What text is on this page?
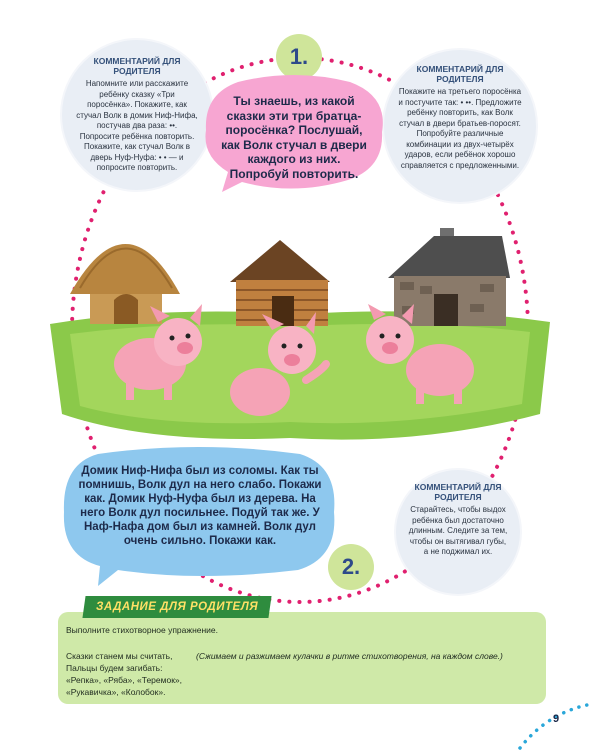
КОММЕНТАРИЙ ДЛЯ РОДИТЕЛЯ
Напомните или расскажите ребёнку сказку «Три поросёнка». Покажите, как стучал Волк в домик Ниф-Нифа, постучав два раза: ••. Попросите ребёнка повторить. Покажите, как стучал Волк в дверь Нуф-Нуфа: • • — и попросите повторить.
КОММЕНТАРИЙ ДЛЯ РОДИТЕЛЯ
Покажите на третьего поросёнка и постучите так: • ••. Предложите ребёнку повторить, как Волк стучал в двери братьев-поросят. Попробуйте различные комбинации из двух-четырёх ударов, если ребёнок хорошо справляется с предложенными.
КОММЕНТАРИЙ ДЛЯ РОДИТЕЛЯ
Старайтесь, чтобы выдох ребёнка был достаточно длинным. Следите за тем, чтобы он вытягивал губы, а не поджимал их.
1.
Ты знаешь, из какой сказки эти три братца-поросёнка? Послушай, как Волк стучал в двери каждого из них. Попробуй повторить.
Домик Ниф-Нифа был из соломы. Как ты помнишь, Волк дул на него слабо. Покажи как. Домик Нуф-Нуфа был из дерева. На него Волк дул посильнее. Подуй так же. У Наф-Нафа дом был из камней. Волк дул очень сильно. Покажи как.
2.
ЗАДАНИЕ ДЛЯ РОДИТЕЛЯ
Выполните стихотворное упражнение.
Сказки станем мы считать,
Пальцы будем загибать:
«Репка», «Ряба», «Теремок»,
«Рукавичка», «Колобок».
(Сжимаем и разжимаем кулачки в ритме стихотворения, на каждом слове.)
9
